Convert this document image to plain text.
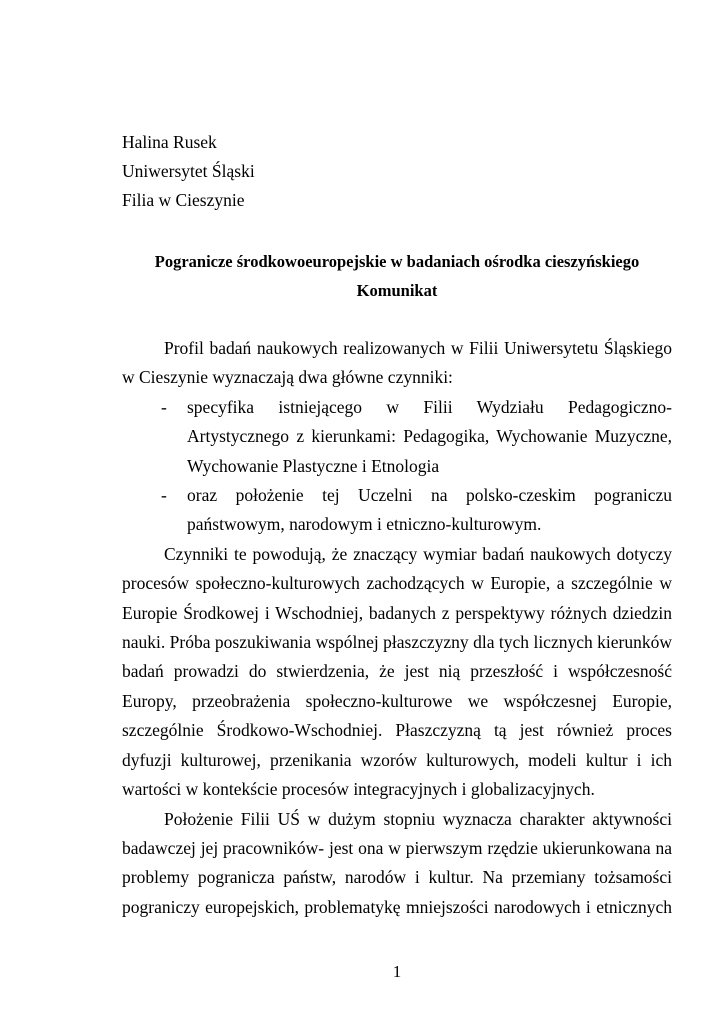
Halina Rusek
Uniwersytet Śląski
Filia w Cieszynie
Pogranicze środkowoeuropejskie w badaniach ośrodka cieszyńskiego
Komunikat

Profil badań naukowych realizowanych w Filii Uniwersytetu Śląskiego w Cieszynie wyznaczają dwa główne czynniki:

- specyfika istniejącego w Filii Wydziału Pedagogiczno-Artystycznego z kierunkami: Pedagogika, Wychowanie Muzyczne, Wychowanie Plastyczne i Etnologia
- oraz położenie tej Uczelni na polsko-czeskim pograniczu państwowym, narodowym i etniczno-kulturowym.

Czynniki te powodują, że znaczący wymiar badań naukowych dotyczy procesów społeczno-kulturowych zachodzących w Europie, a szczególnie w Europie Środkowej i Wschodniej, badanych z perspektywy różnych dziedzin nauki. Próba poszukiwania wspólnej płaszczyzny dla tych licznych kierunków badań prowadzi do stwierdzenia, że jest nią przeszłość i współczesność Europy, przeobrażenia społeczno-kulturowe we współczesnej Europie, szczególnie Środkowo-Wschodniej. Płaszczyzną tą jest również proces dyfuzji kulturowej, przenikania wzorów kulturowych, modeli kultur i ich wartości w kontekście procesów integracyjnych i globalizacyjnych.

Położenie Filii UŚ w dużym stopniu wyznacza charakter aktywności badawczej jej pracowników- jest ona w pierwszym rzędzie ukierunkowana na problemy pogranicza państw, narodów i kultur. Na przemiany tożsamości pograniczy europejskich, problematykę mniejszości narodowych i etnicznych

1
